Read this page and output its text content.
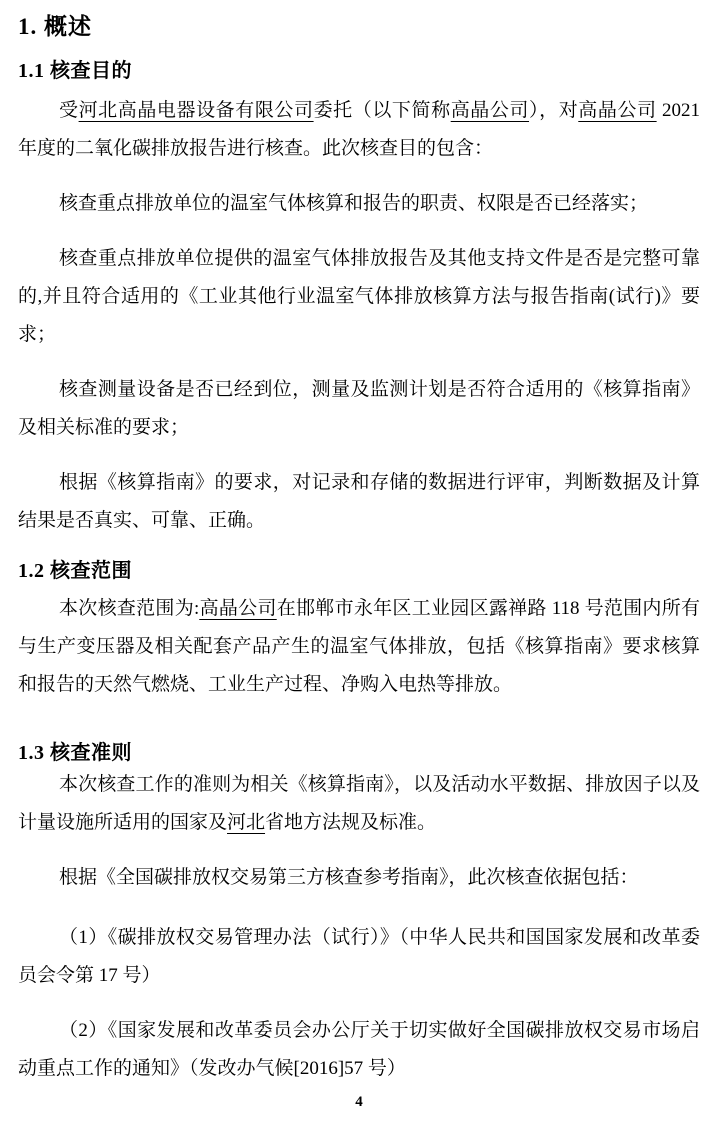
1. 概述
1.1 核查目的

受河北高晶电器设备有限公司委托（以下简称高晶公司），对高晶公司 2021 年度的二氧化碳排放报告进行核查。此次核查目的包含：

核查重点排放单位的温室气体核算和报告的职责、权限是否已经落实；

核查重点排放单位提供的温室气体排放报告及其他支持文件是否是完整可靠的,并且符合适用的《工业其他行业温室气体排放核算方法与报告指南(试行)》要求；

核查测量设备是否已经到位，测量及监测计划是否符合适用的《核算指南》及相关标准的要求；

根据《核算指南》的要求，对记录和存储的数据进行评审，判断数据及计算结果是否真实、可靠、正确。

1.2 核查范围

本次核查范围为:高晶公司在邯郸市永年区工业园区露禅路 118 号范围内所有与生产变压器及相关配套产品产生的温室气体排放，包括《核算指南》要求核算和报告的天然气燃烧、工业生产过程、净购入电热等排放。

1.3 核查准则

本次核查工作的准则为相关《核算指南》，以及活动水平数据、排放因子以及计量设施所适用的国家及河北省地方法规及标准。

根据《全国碳排放权交易第三方核查参考指南》，此次核查依据包括：

（1）《碳排放权交易管理办法（试行）》（中华人民共和国国家发展和改革委员会令第 17 号）

（2）《国家发展和改革委员会办公厅关于切实做好全国碳排放权交易市场启动重点工作的通知》（发改办气候[2016]57 号）

4
